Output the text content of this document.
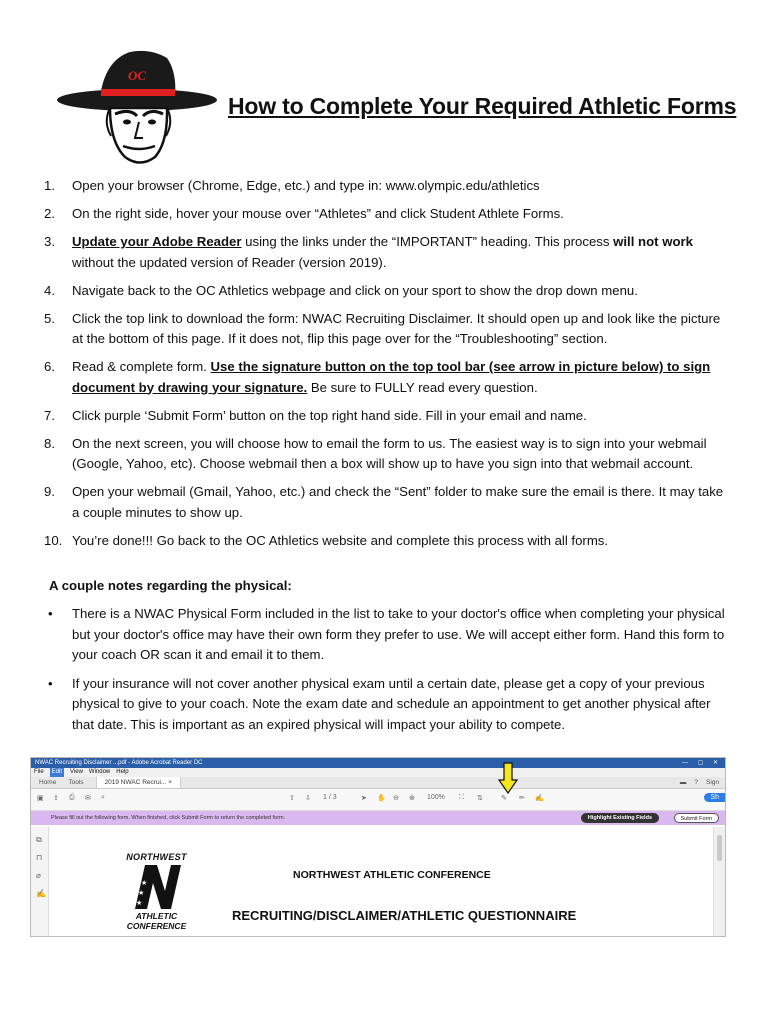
OC
How to Complete Your Required Athletic Forms
1.	Open your browser (Chrome, Edge, etc.) and type in: www.olympic.edu/athletics
2.	On the right side, hover your mouse over “Athletes” and click Student Athlete Forms.
3.	Update your Adobe Reader using the links under the “IMPORTANT” heading. This process will not work without the updated version of Reader (version 2019).
4.	Navigate back to the OC Athletics webpage and click on your sport to show the drop down menu.
5.	Click the top link to download the form: NWAC Recruiting Disclaimer. It should open up and look like the picture at the bottom of this page. If it does not, flip this page over for the “Troubleshooting” section.
6.	Read & complete form. Use the signature button on the top tool bar (see arrow in picture below) to sign document by drawing your signature. Be sure to FULLY read every question.
7.	Click purple ‘Submit Form’ button on the top right hand side. Fill in your email and name.
8.	On the next screen, you will choose how to email the form to us. The easiest way is to sign into your webmail (Google, Yahoo, etc). Choose webmail then a box will show up to have you sign into that webmail account.
9.	Open your webmail (Gmail, Yahoo, etc.) and check the “Sent” folder to make sure the email is there. It may take a couple minutes to show up.
10. You’re done!!! Go back to the OC Athletics website and complete this process with all forms.
A couple notes regarding the physical:
•	There is a NWAC Physical Form included in the list to take to your doctor's office when completing your physical but your doctor's office may have their own form they prefer to use. We will accept either form. Hand this form to your coach OR scan it and email it to them.
•	If your insurance will not cover another physical exam until a certain date, please get a copy of your previous physical to give to your coach. Note the exam date and schedule an appointment to get another physical after that date. This is important as an expired physical will impact your ability to compete.
NWAC Recruiting Disclaimer ...pdf - Adobe Acrobat Reader DC	— ▢ ✕
File	Edit	View Window Help
Home Tools	2019 NWAC Recrui... ×	▬ ? Sign
▣ ⇪ ⎙ ✉ ⌕	⇧ ⇩ 1 / 3	➤ ✋ ⊖ ⊕ 100% ⛶ ⇅	✎ ✏ ✍	Sh
Please fill out the following form. When finished, click Submit Form to return the completed form.	Highlight Existing Fields	Submit Form
⧉
⊓
⌀
✍
NORTHWEST
★
★
★
ATHLETIC
CONFERENCE
NORTHWEST ATHLETIC CONFERENCE
RECRUITING/DISCLAIMER/ATHLETIC QUESTIONNAIRE
